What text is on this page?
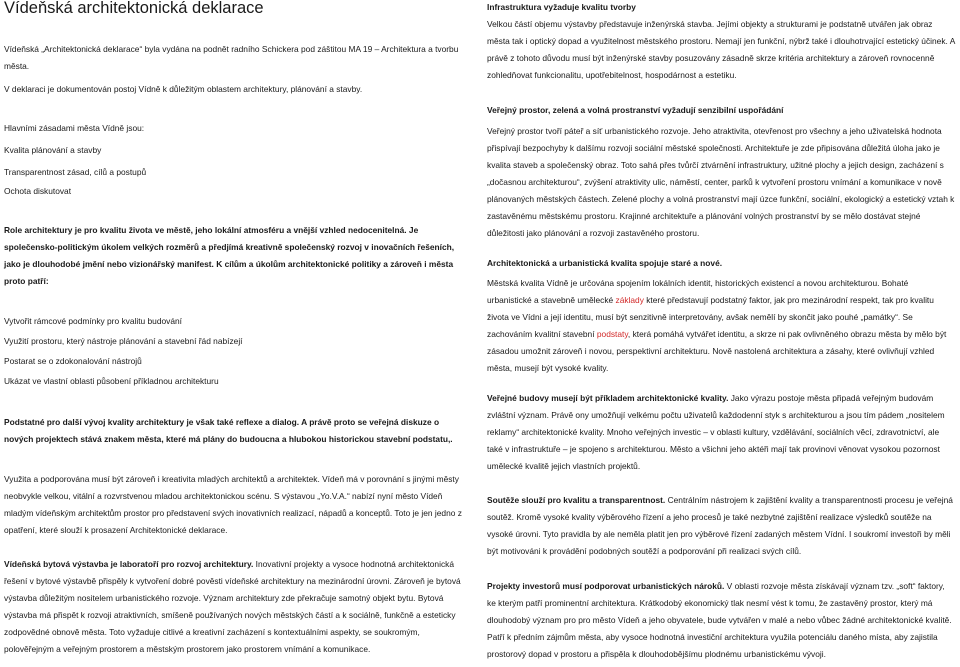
Vídeňská architektonická deklarace

Vídeňská „Architektonická deklarace“ byla vydána na podnět radního Schickera pod záštitou MA 19 – Architektura a tvorbu města.

V deklaraci je dokumentován postoj Vídně k důležitým oblastem architektury, plánování a stavby.

Hlavními zásadami města Vídně jsou:

Kvalita plánování a stavby

Transparentnost zásad, cílů a postupů

Ochota diskutovat

Role architektury je pro kvalitu života ve městě, jeho lokální atmosféru a vnější vzhled nedocenitelná. Je společensko-politickým úkolem velkých rozměrů a předjímá kreativně společenský rozvoj v inovačních řešeních, jako je dlouhodobé jmění nebo vizionářský manifest. K cílům a úkolům architektonické politiky a zároveň i města proto patří:

Vytvořit rámcové podmínky pro kvalitu budování

Využití prostoru, který nástroje plánování a stavební řád nabízejí

Postarat se o zdokonalování nástrojů

Ukázat ve vlastní oblasti působení příkladnou architekturu

Podstatné pro další vývoj kvality architektury je však také reflexe a dialog. A právě proto se veřejná diskuze o nových projektech stává znakem města, které má plány do budoucna a hlubokou historickou stavební podstatu,.

Využita a podporována musí být zároveň i kreativita mladých architektů a architektek. Vídeň má v porovnání s jinými městy neobvykle velkou, vitální a rozvrstvenou mladou architektonickou scénu. S výstavou „Yo.V.A.“ nabízí nyní město Vídeň mladým vídeňským architektům prostor pro představení svých inovativních realizací, nápadů a konceptů. Toto je jen jedno z opatření, které slouží k prosazení Architektonické deklarace.

Vídeňská bytová výstavba je laboratoří pro rozvoj architektury. Inovativní projekty a vysoce hodnotná architektonická řešení v bytové výstavbě přispěly k vytvoření dobré pověsti vídeňské architektury na mezinárodní úrovni. Zároveň je bytová výstavba důležitým nositelem urbanistického rozvoje. Význam architektury zde překračuje samotný objekt bytu. Bytová výstavba má přispět k rozvoji atraktivních, smíšeně používaných nových městských částí a k sociálně, funkčně a esteticky zodpovědné obnově města. Toto vyžaduje citlivé a kreativní zacházení s kontextuálními aspekty, se soukromým, polověřejným a veřejným prostorem a městským prostorem jako prostorem vnímání a komunikace.

Infrastruktura vyžaduje kvalitu tvorby

Velkou částí objemu výstavby představuje inženýrská stavba. Jejími objekty a strukturami je podstatně utvářen jak obraz města tak i optický dopad a využitelnost městského prostoru. Nemají jen funkční, nýbrž také i dlouhotrvající estetický účinek. A právě z tohoto důvodu musí být inženýrské stavby posuzovány zásadně skrze kritéria architektury a zároveň rovnocenně zohledňovat funkcionalitu, upotřebitelnost, hospodárnost a estetiku.

Veřejný prostor, zelená a volná prostranství vyžadují senzibilní uspořádání

Veřejný prostor tvoří páteř a síť urbanistického rozvoje. Jeho atraktivita, otevřenost pro všechny a jeho uživatelská hodnota přispívají bezpochyby k dalšímu rozvoji sociální městské společnosti. Architektuře je zde připisována důležitá úloha jako je kvalita staveb a společenský obraz. Toto sahá přes tvůrčí ztvárnění infrastruktury, užitné plochy a jejich design, zacházení s „dočasnou architekturou“, zvýšení atraktivity ulic, náměstí, center, parků k vytvoření prostoru vnímání a komunikace v nově plánovaných městských částech. Zelené plochy a volná prostranství mají úzce funkční, sociální, ekologický a estetický vztah k zastavěnému městskému prostoru. Krajinné architektuře a plánování volných prostranství by se mělo dostávat stejné důležitosti jako plánování a rozvoji zastavěného prostoru.

Architektonická a urbanistická kvalita spojuje staré a nové.

Městská kvalita Vídně je určována spojením lokálních identit, historických existencí a novou architekturou. Bohaté urbanistické a stavebně umělecké základy které představují podstatný faktor, jak pro mezinárodní respekt, tak pro kvalitu života ve Vídni a její identitu, musí být senzitivně interpretovány, avšak nemělí by skončit jako pouhé „památky“. Se zachováním kvalitní stavební podstaty, která pomáhá vytvářet identitu, a skrze ni pak ovlivněného obrazu města by mělo být zásadou umožnit zároveň i novou, perspektivní architekturu. Nově nastolená architektura a zásahy, které ovlivňují vzhled města, musejí být vysoké kvality.

Veřejné budovy musejí být příkladem architektonické kvality. Jako výrazu postoje města připadá veřejným budovám zvláštní význam. Právě ony umožňují velkému počtu uživatelů každodenní styk s architekturou a jsou tím pádem „nositelem reklamy“ architektonické kvality. Mnoho veřejných investic – v oblasti kultury, vzdělávání, sociálních věcí, zdravotnictví, ale také v infrastruktuře – je spojeno s architekturou. Město a všichni jeho aktéři mají tak provinovi věnovat vysokou pozornost umělecké kvalitě jejich vlastních projektů.

Soutěže slouží pro kvalitu a transparentnost. Centrálním nástrojem k zajištění kvality a transparentnosti procesu je veřejná soutěž. Kromě vysoké kvality výběrového řízení a jeho procesů je také nezbytné zajištění realizace výsledků soutěže na vysoké úrovni. Tyto pravidla by ale neměla platit jen pro výběrové řízení zadaných městem Vídní. I soukromí investoři by měli být motivováni k provádění podobných soutěží a podporování při realizaci svých cílů.

Projekty investorů musí podporovat urbanistických nároků. V oblasti rozvoje města získávají význam tzv. „soft“ faktory, ke kterým patří prominentní architektura. Krátkodobý ekonomický tlak nesmí vést k tomu, že zastavěný prostor, který má dlouhodobý význam pro pro město Vídeň a jeho obyvatele, bude vytvářen v malé a nebo vůbec žádné architektonické kvalitě. Patří k předním zájmům města, aby vysoce hodnotná investiční architektura využila potenciálu daného místa, aby zajistila prostorový dopad v prostoru a přispěla k dlouhodobějšímu plodnému urbanistickému vývoji.
